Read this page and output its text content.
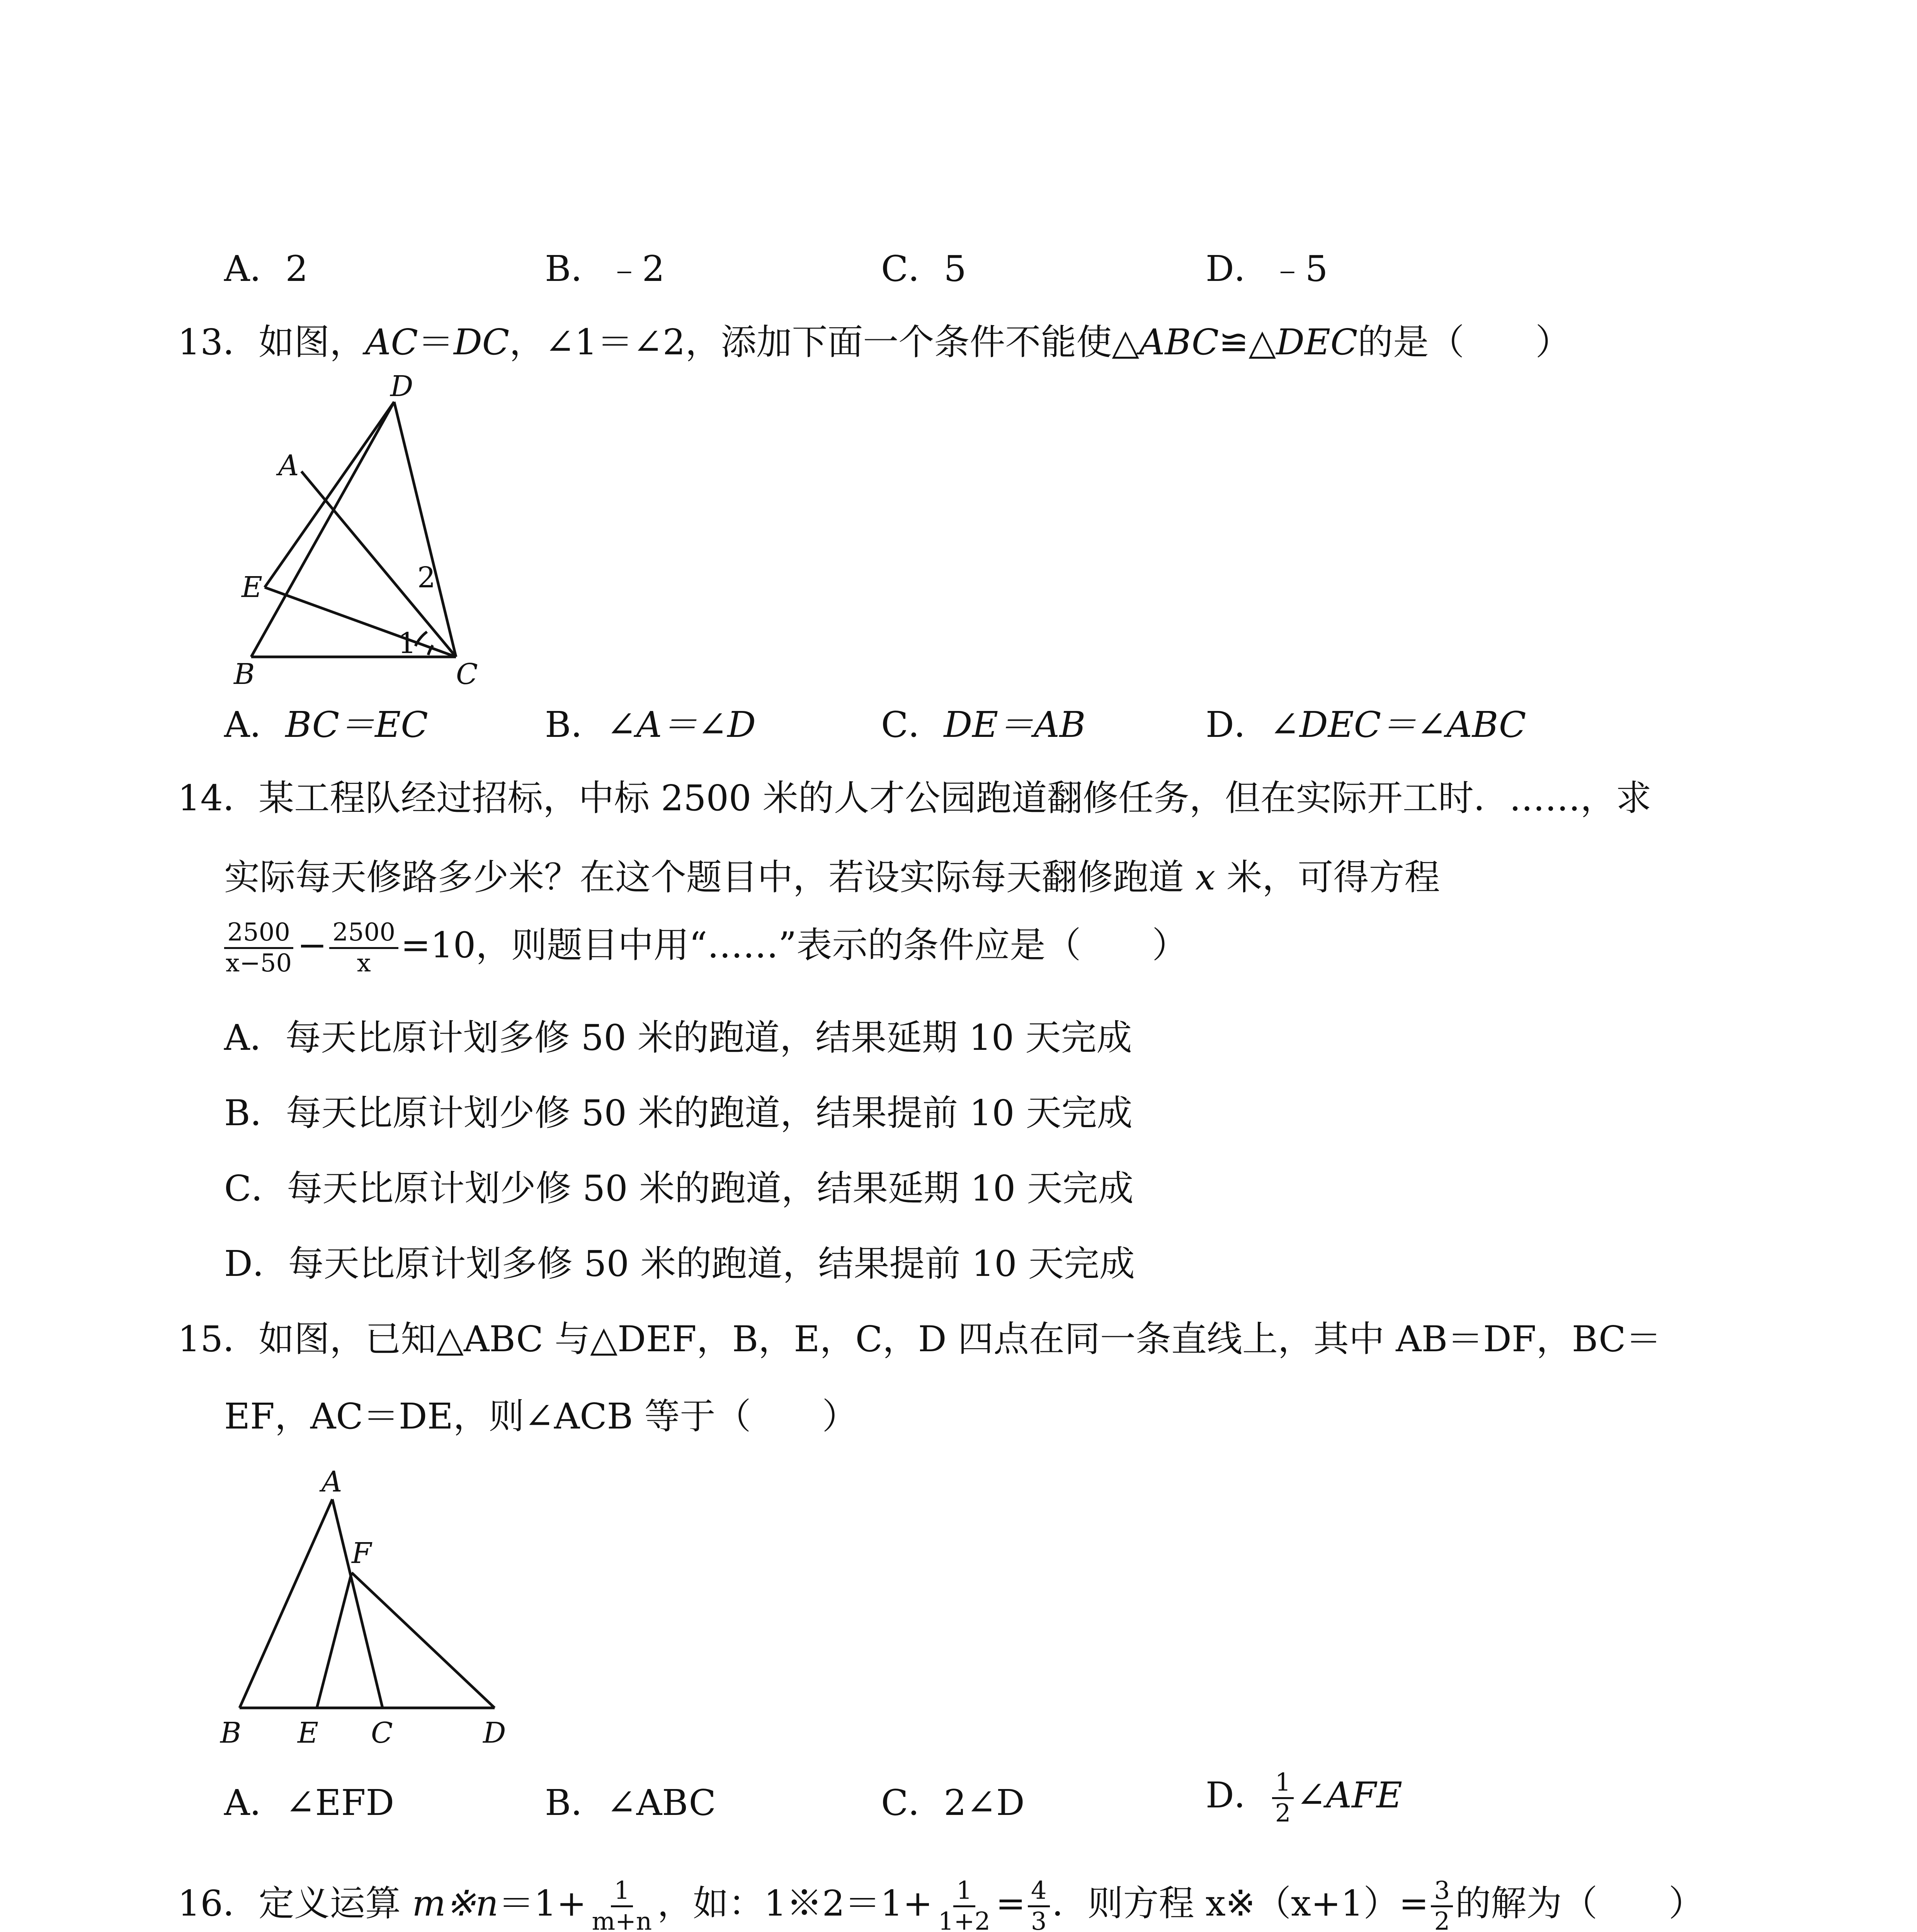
A．2	B．﹣2	C．5	D．﹣5
13．如图，AC＝DC，∠1＝∠2，添加下面一个条件不能使△ABC≌△DEC的是（　　）
D
A
E
B	C
1
2
A．BC＝EC	B．∠A＝∠D	C．DE＝AB	D．∠DEC＝∠ABC
14．某工程队经过招标，中标 2500 米的人才公园跑道翻修任务，但在实际开工时．……，求
实际每天修路多少米？在这个题目中，若设实际每天翻修跑道 x 米，可得方程
$\frac{2500}{x-50} - \frac{2500}{x} =10$，则题目中用“……”表示的条件应是（　　）
A．每天比原计划多修 50 米的跑道，结果延期 10 天完成
B．每天比原计划少修 50 米的跑道，结果提前 10 天完成
C．每天比原计划少修 50 米的跑道，结果延期 10 天完成
D．每天比原计划多修 50 米的跑道，结果提前 10 天完成
15．如图，已知△ABC 与△DEF，B，E，C，D 四点在同一条直线上，其中 AB＝DF，BC＝
EF，AC＝DE，则∠ACB 等于（　　）
A
F
B E C	D
A．∠EFD	B．∠ABC	C．2∠D	D． $\frac{1}{2}$ ∠AFE
16．定义运算 m※n＝1+ $\frac{1}{m+n}$ ，如：1※2＝1+ $\frac{1}{1+2} = \frac{4}{3}$ ．则方程 x※（x+1）= $\frac{3}{2}$ 的解为（　　）
